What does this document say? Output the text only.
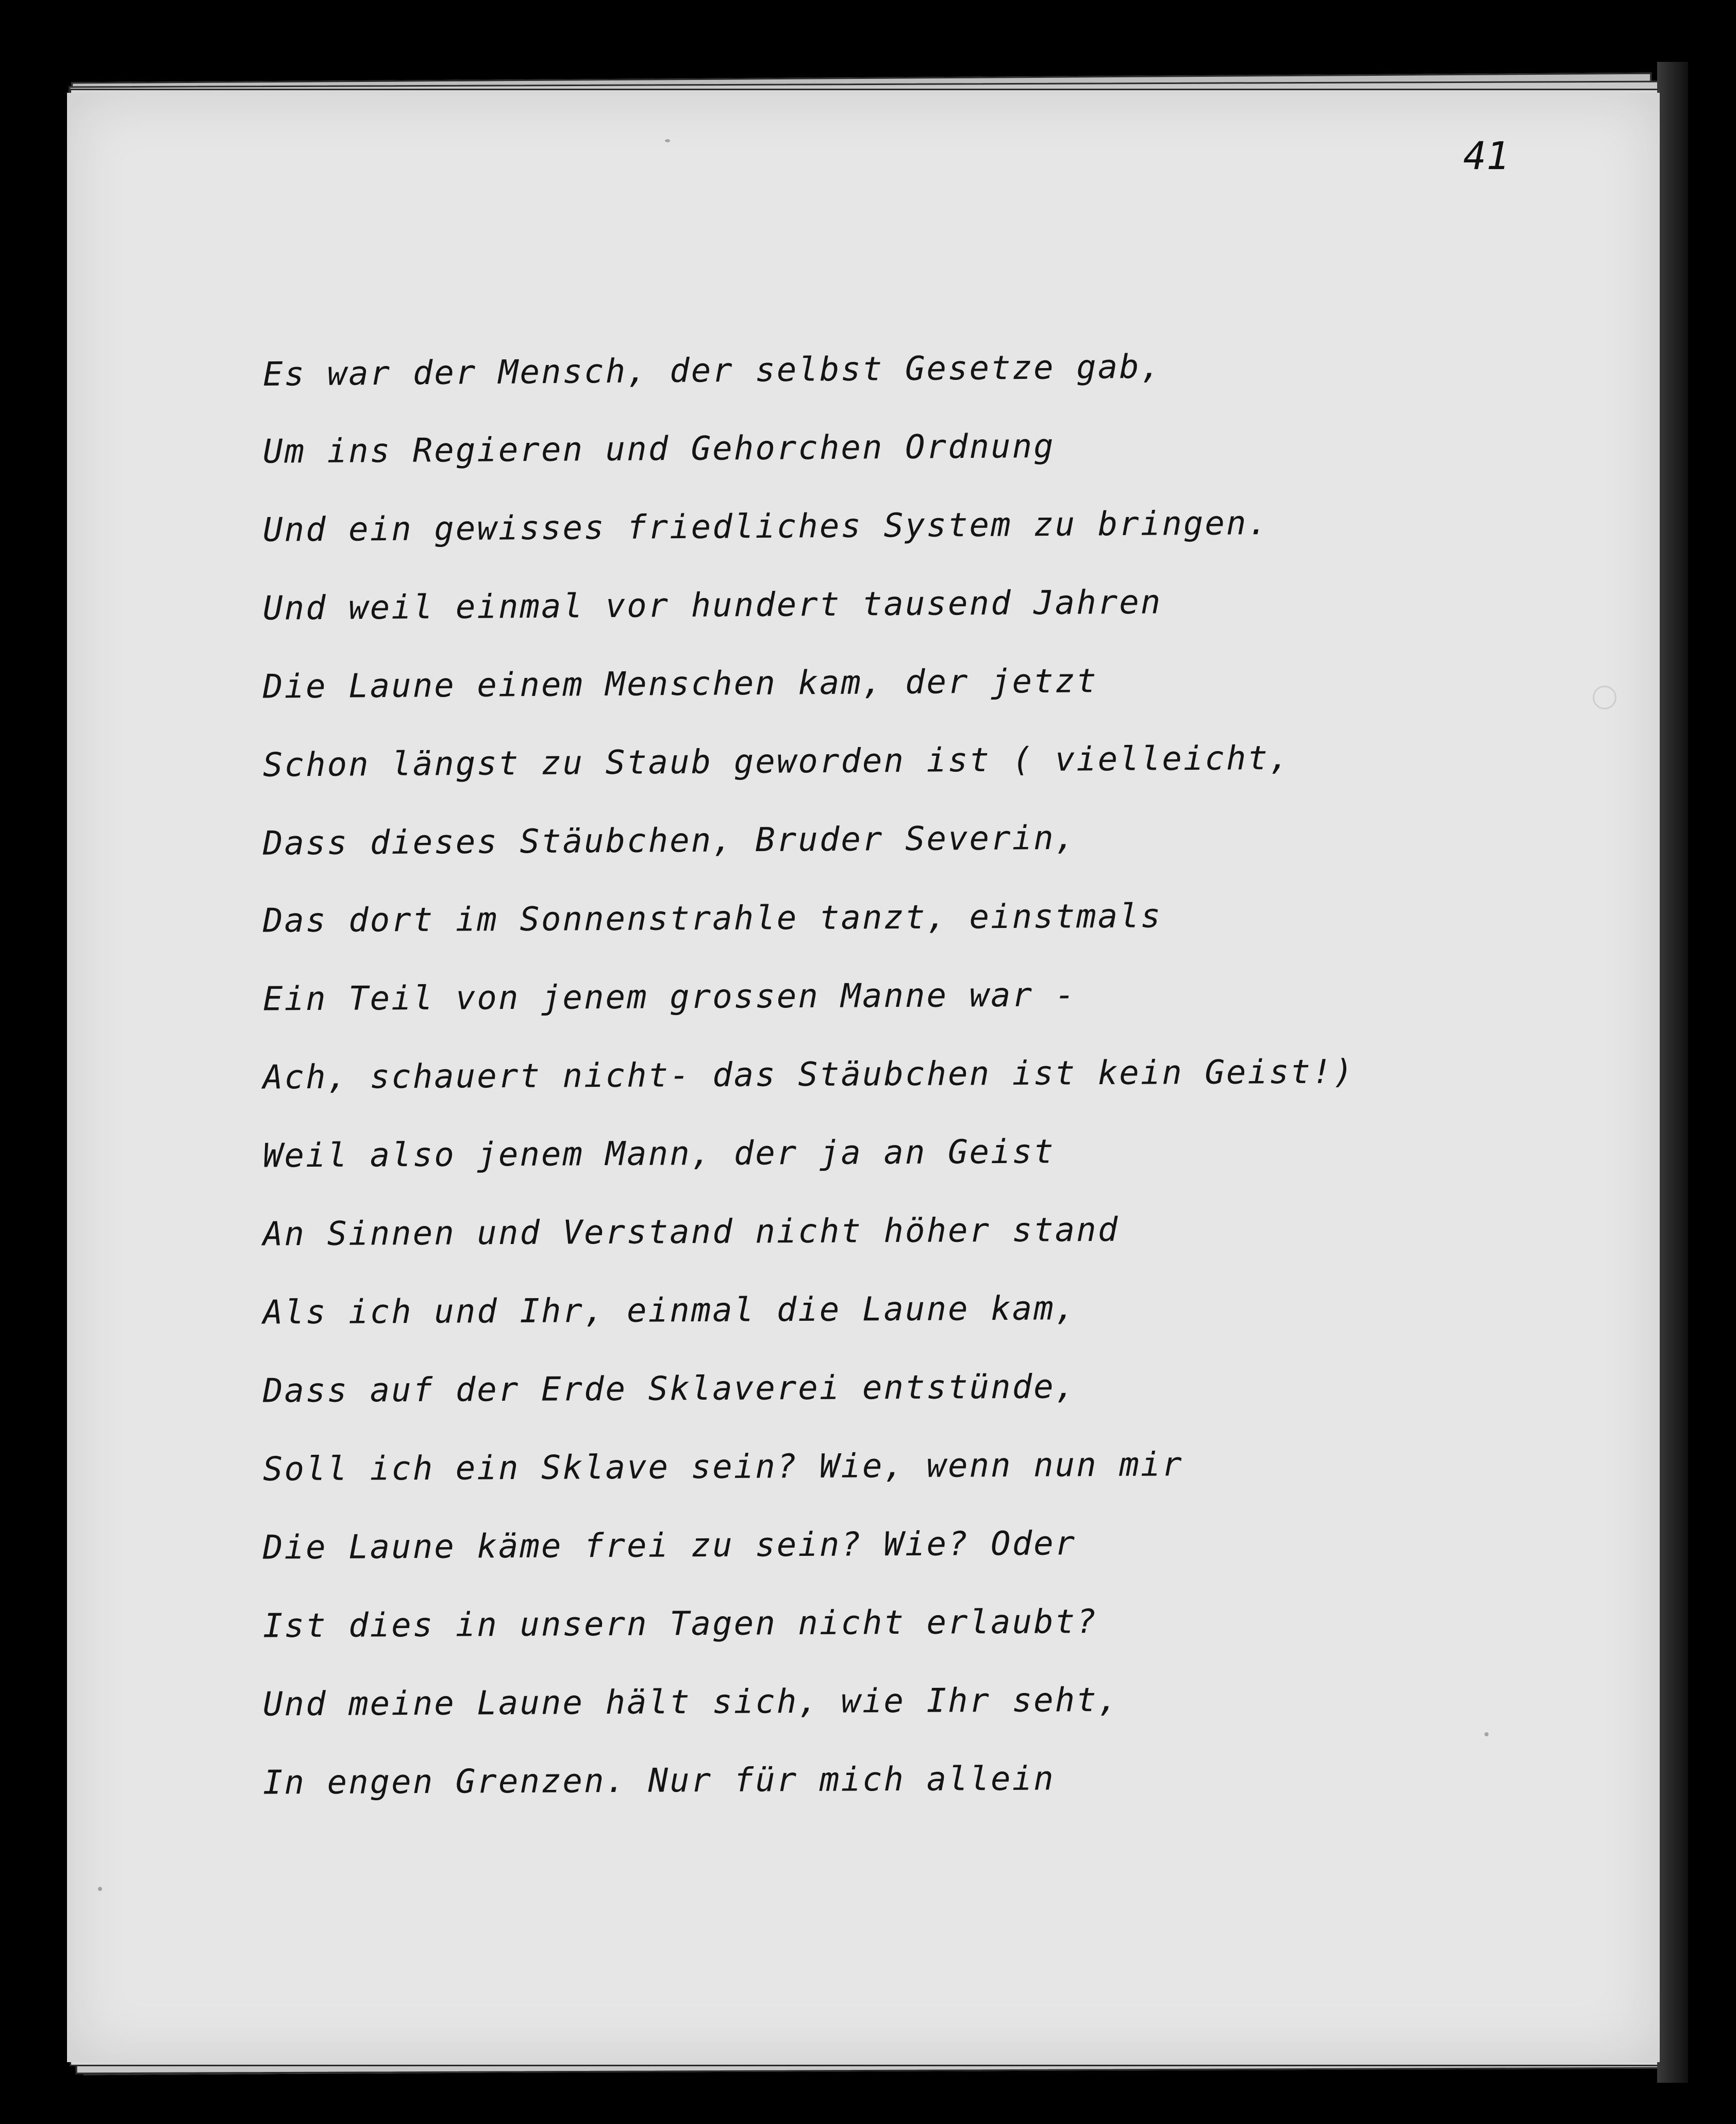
41
Es war der Mensch, der selbst Gesetze gab,
Um ins Regieren und Gehorchen Ordnung
Und ein gewisses friedliches System zu bringen.
Und weil einmal vor hundert tausend Jahren
Die Laune einem Menschen kam, der jetzt
Schon längst zu Staub geworden ist ( vielleicht,
Dass dieses Stäubchen, Bruder Severin,
Das dort im Sonnenstrahle tanzt, einstmals
Ein Teil von jenem grossen Manne war -
Ach, schauert nicht- das Stäubchen ist kein Geist!)
Weil also jenem Mann, der ja an Geist
An Sinnen und Verstand nicht höher stand
Als ich und Ihr, einmal die Laune kam,
Dass auf der Erde Sklaverei entstünde,
Soll ich ein Sklave sein? Wie, wenn nun mir
Die Laune käme frei zu sein? Wie? Oder
Ist dies in unsern Tagen nicht erlaubt?
Und meine Laune hält sich, wie Ihr seht,
In engen Grenzen. Nur für mich allein
